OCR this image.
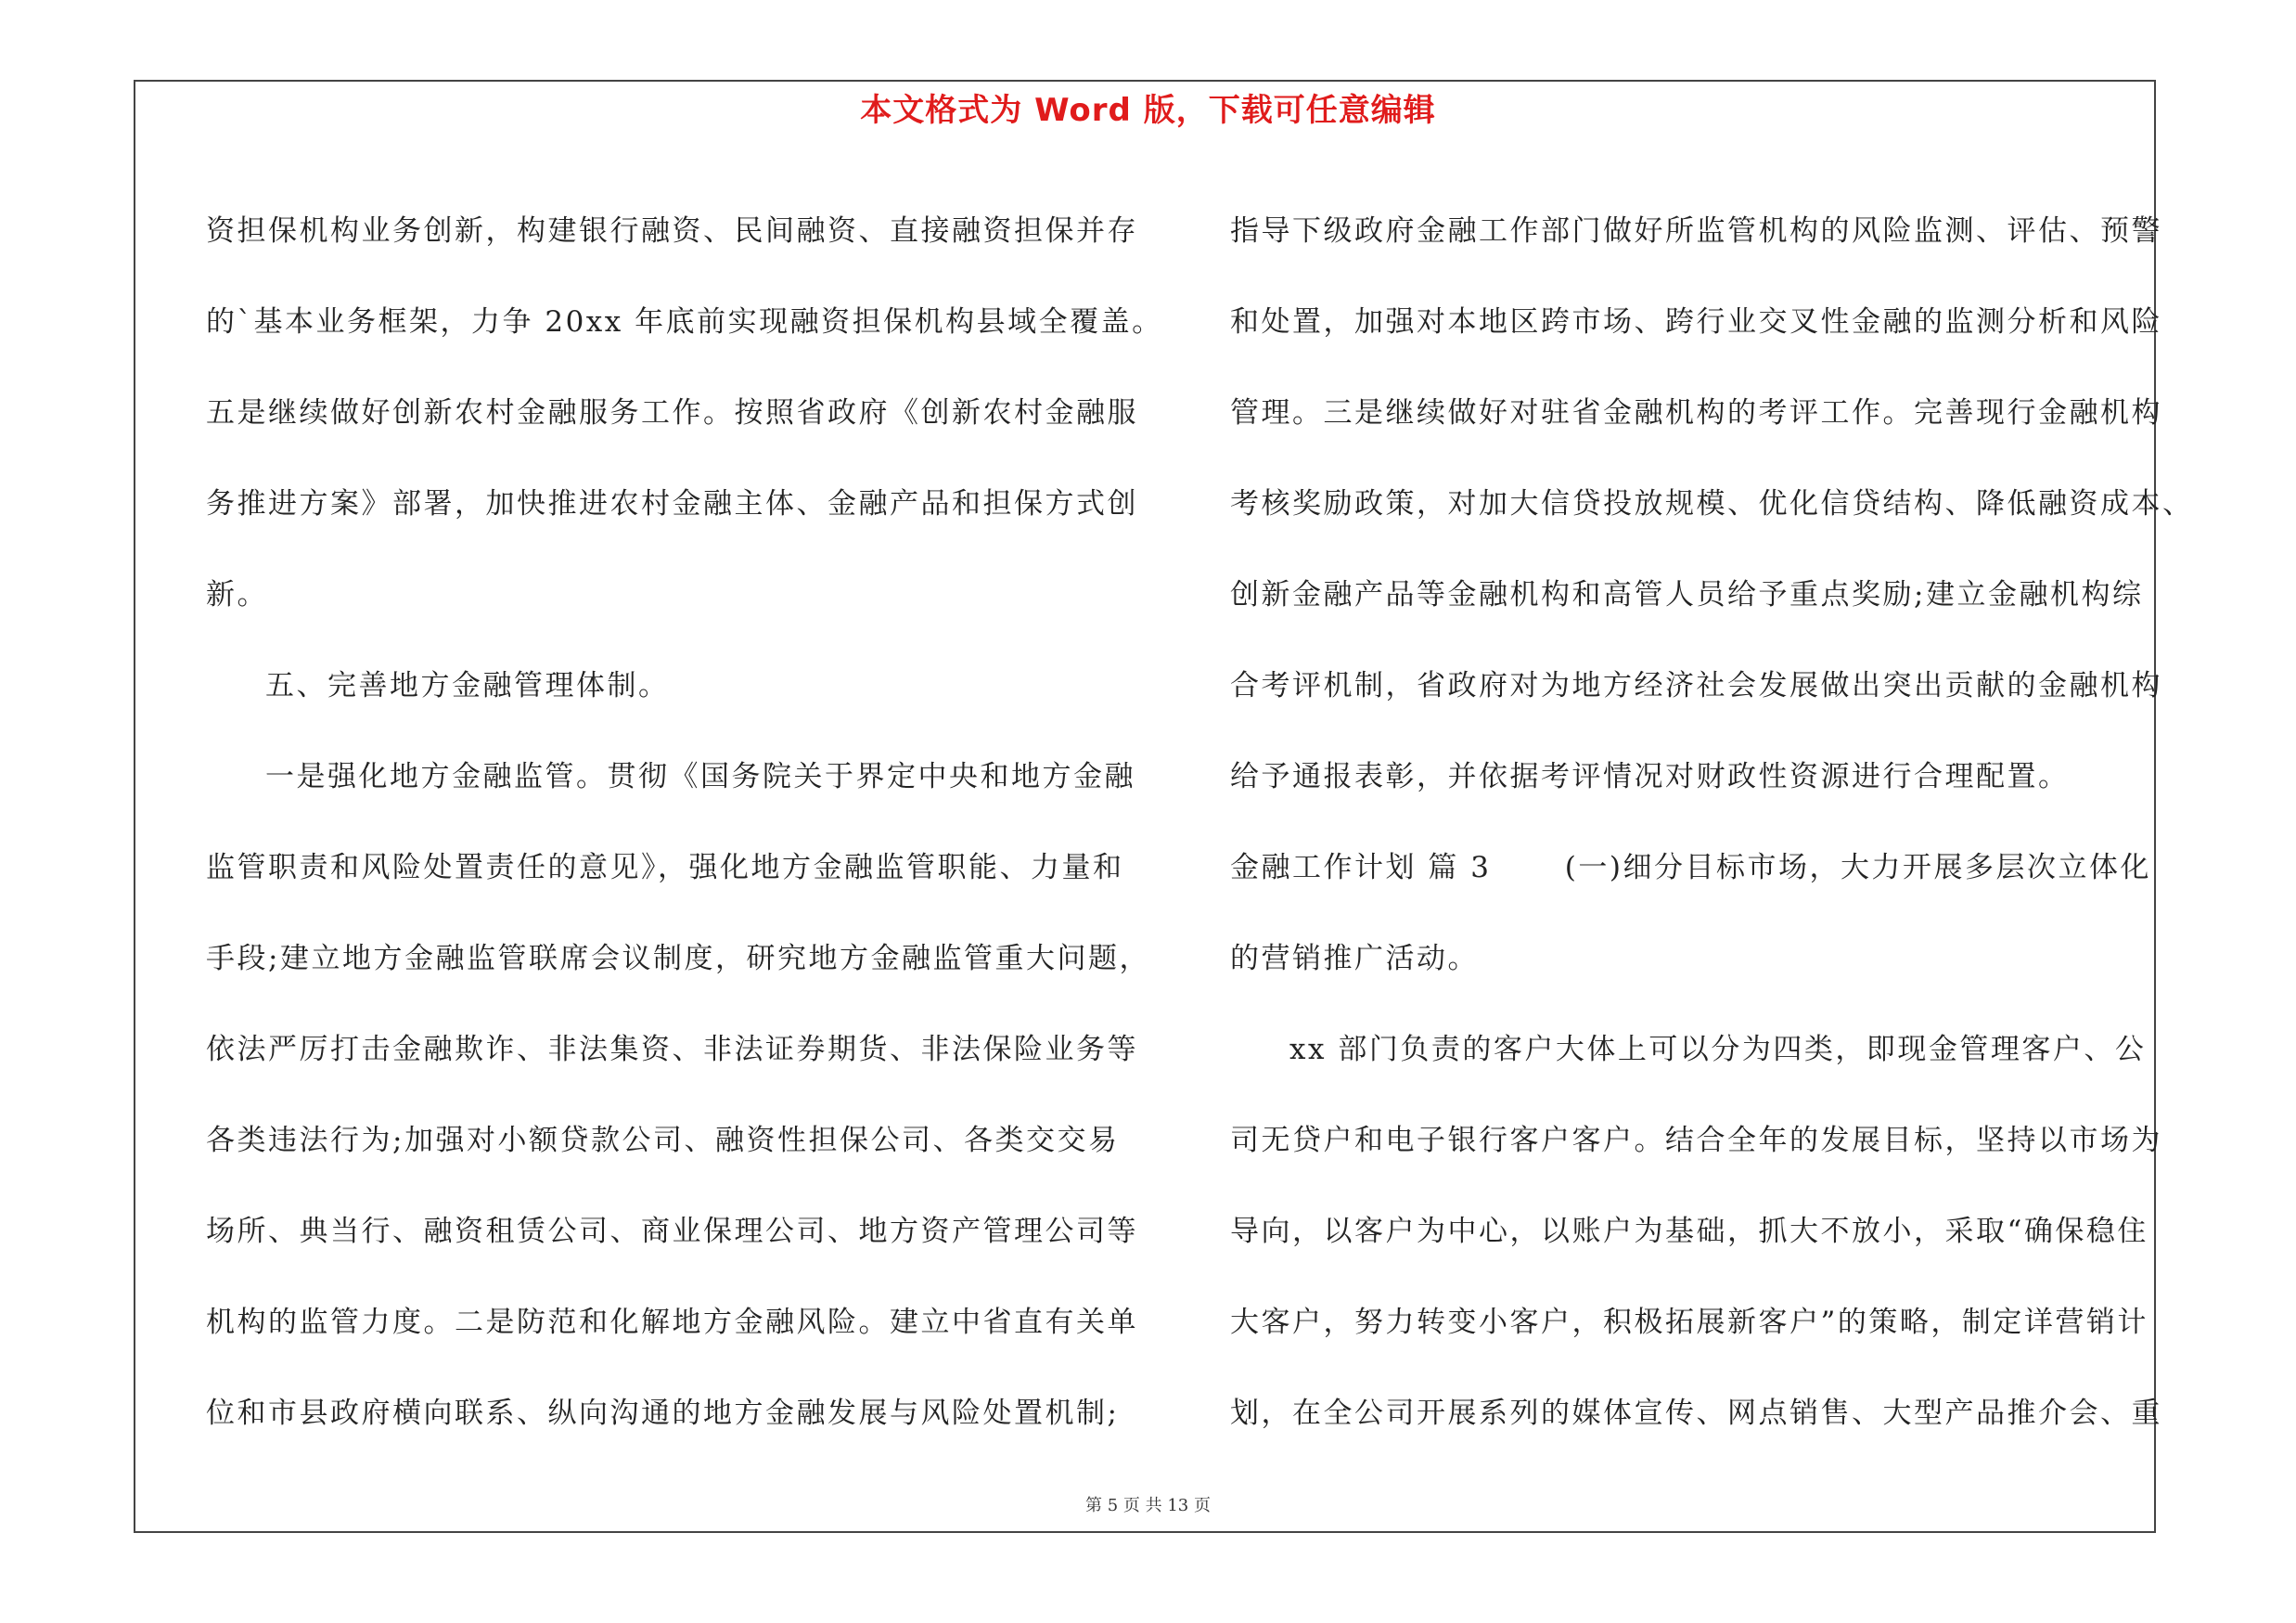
本文格式为 Word 版，下载可任意编辑
资担保机构业务创新，构建银行融资、民间融资、直接融资担保并存
的`基本业务框架，力争 20xx 年底前实现融资担保机构县域全覆盖。
五是继续做好创新农村金融服务工作。按照省政府《创新农村金融服
务推进方案》部署，加快推进农村金融主体、金融产品和担保方式创
新。
五、完善地方金融管理体制。
一是强化地方金融监管。贯彻《国务院关于界定中央和地方金融
监管职责和风险处置责任的意见》，强化地方金融监管职能、力量和
手段;建立地方金融监管联席会议制度，研究地方金融监管重大问题，
依法严厉打击金融欺诈、非法集资、非法证券期货、非法保险业务等
各类违法行为;加强对小额贷款公司、融资性担保公司、各类交交易
场所、典当行、融资租赁公司、商业保理公司、地方资产管理公司等
机构的监管力度。二是防范和化解地方金融风险。建立中省直有关单
位和市县政府横向联系、纵向沟通的地方金融发展与风险处置机制;
指导下级政府金融工作部门做好所监管机构的风险监测、评估、预警
和处置，加强对本地区跨市场、跨行业交叉性金融的监测分析和风险
管理。三是继续做好对驻省金融机构的考评工作。完善现行金融机构
考核奖励政策，对加大信贷投放规模、优化信贷结构、降低融资成本、
创新金融产品等金融机构和高管人员给予重点奖励;建立金融机构综
合考评机制，省政府对为地方经济社会发展做出突出贡献的金融机构
给予通报表彰，并依据考评情况对财政性资源进行合理配置。
金融工作计划 篇 3 　　(一)细分目标市场，大力开展多层次立体化
的营销推广活动。
xx 部门负责的客户大体上可以分为四类，即现金管理客户、公
司无贷户和电子银行客户客户。结合全年的发展目标，坚持以市场为
导向，以客户为中心，以账户为基础，抓大不放小，采取“确保稳住
大客户，努力转变小客户，积极拓展新客户”的策略，制定详营销计
划，在全公司开展系列的媒体宣传、网点销售、大型产品推介会、重
第 5 页 共 13 页
